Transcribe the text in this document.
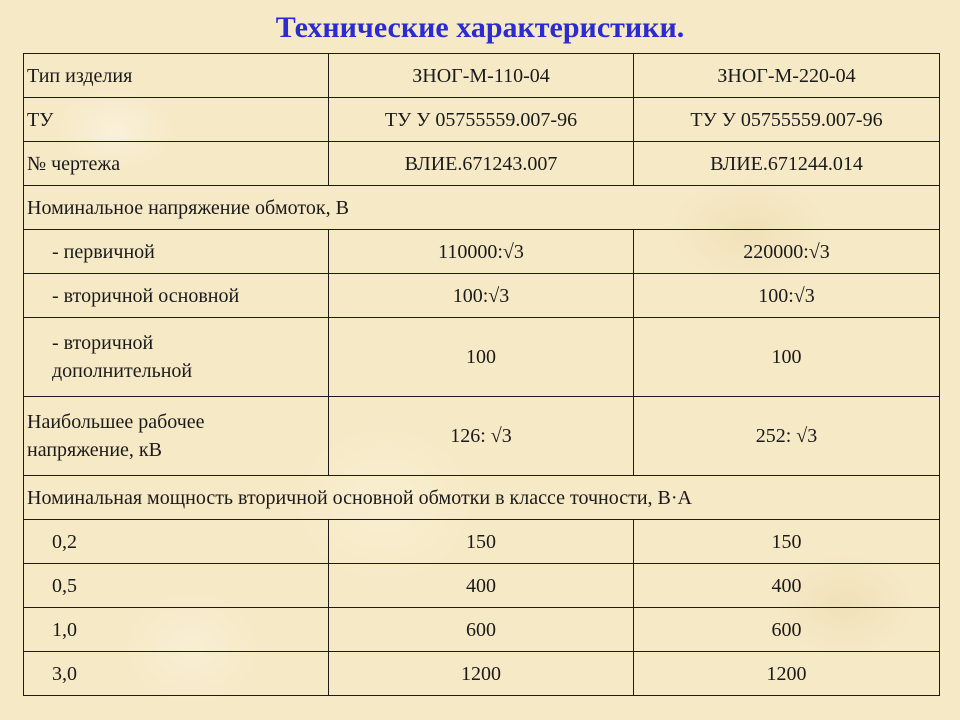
Технические характеристики.
Тип изделия	ЗНОГ-М-110-04	ЗНОГ-М-220-04
ТУ	ТУ У 05755559.007-96	ТУ У 05755559.007-96
№ чертежа	ВЛИЕ.671243.007	ВЛИЕ.671244.014
Номинальное напряжение обмоток, В		
- первичной	110000:√3	220000:√3
- вторичной основной	100:√3	100:√3

- вторичной
дополнительной	100	100

Наибольшее рабочее
напряжение, кВ	126: √3	252: √3
Номинальная мощность вторичной основной обмотки в классе точности, В·А		
0,2	150	150
0,5	400	400
1,0	600	600
3,0	1200	1200
